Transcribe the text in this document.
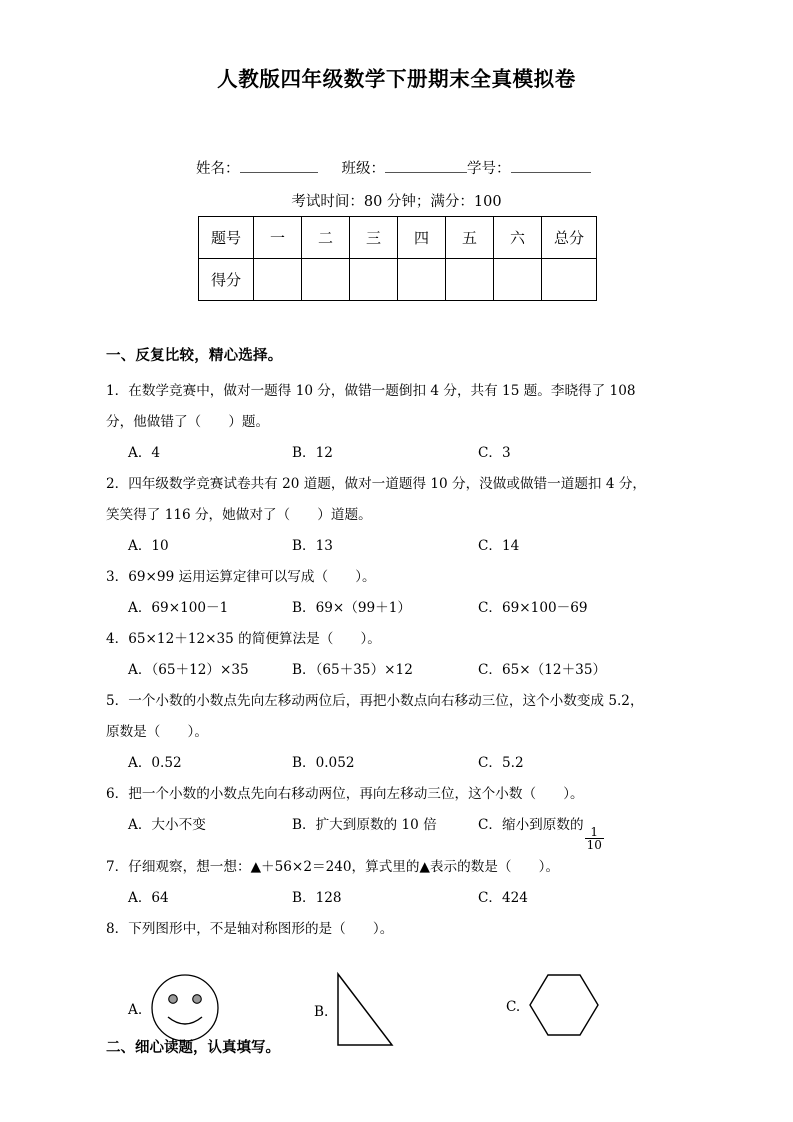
人教版四年级数学下册期末全真模拟卷
姓名：	班级：	学号：
考试时间：80 分钟；满分：100
题号	一	二	三	四	五	六	总分
得分							
一、反复比较，精心选择。

1．在数学竞赛中，做对一题得 10 分，做错一题倒扣 4 分，共有 15 题。李晓得了 108

分，他做错了（　　）题。

A．4	B．12	C．3

2．四年级数学竞赛试卷共有 20 道题，做对一道题得 10 分，没做或做错一道题扣 4 分，

笑笑得了 116 分，她做对了（　　）道题。

A．10	B．13	C．14

3．69×99 运用运算定律可以写成（　　）。

A．69×100－1	B．69×（99＋1）	C．69×100－69

4．65×12＋12×35 的简便算法是（　　）。

A．（65＋12）×35	B．（65＋35）×12	C．65×（12＋35）

5．一个小数的小数点先向左移动两位后，再把小数点向右移动三位，这个小数变成 5.2，

原数是（　　）。

A．0.52	B．0.052	C．5.2

6．把一个小数的小数点先向右移动两位，再向左移动三位，这个小数（　　）。

A．大小不变	B．扩大到原数的 10 倍	C．缩小到原数的
$\frac{1}{10}$

7．仔细观察，想一想：▲＋56×2＝240，算式里的▲表示的数是（　　）。

A．64	B．128	C．424

8．下列图形中，不是轴对称图形的是（　　）。

A.	B.	C.
二、细心读题，认真填写。
